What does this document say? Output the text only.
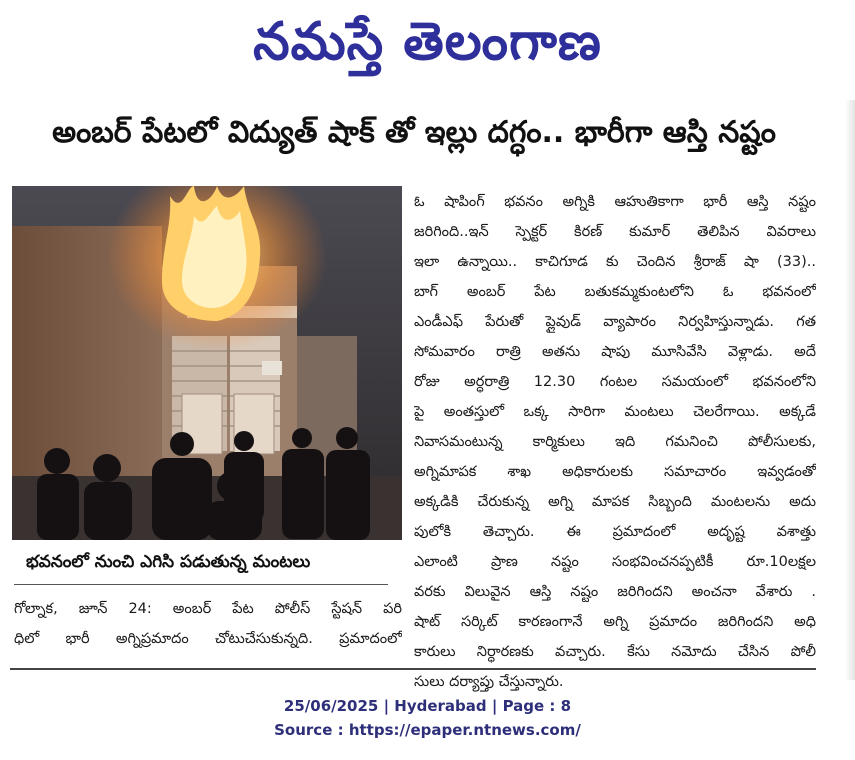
నమస్తే తెలంగాణ
అంబర్ పేటలో విద్యుత్ షాక్ తో ఇల్లు దగ్ధం.. భారీగా ఆస్తి నష్టం
భవనంలో నుంచి ఎగిసి పడుతున్న మంటలు
గోల్నాక, జూన్ 24: అంబర్ పేట పోలీస్ స్టేషన్ పరి
ధిలో భారీ అగ్నిప్రమాదం చోటుచేసుకున్నది. ప్రమాదంలో
ఓ షాపింగ్ భవనం అగ్నికి ఆహుతికాగా భారీ ఆస్తి నష్టం
జరిగింది..ఇన్ స్పెక్టర్ కిరణ్ కుమార్ తెలిపిన వివరాలు
ఇలా ఉన్నాయి.. కాచిగూడ కు చెందిన శ్రీరాజ్ షా (33)..
బాగ్ అంబర్ పేట బతుకమ్మకుంటలోని ఓ భవనంలో
ఎండీఎఫ్ పేరుతో ప్లైవుడ్ వ్యాపారం నిర్వహిస్తున్నాడు. గత
సోమవారం రాత్రి అతను షాపు మూసివేసి వెళ్లాడు. అదే
రోజు అర్ధరాత్రి 12.30 గంటల సమయంలో భవనంలోని
పై అంతస్తులో ఒక్క సారిగా మంటలు చెలరేగాయి. అక్కడే
నివాసమంటున్న కార్మికులు ఇది గమనించి పోలీసులకు,
అగ్నిమాపక శాఖ అధికారులకు సమాచారం ఇవ్వడంతో
అక్కడికి చేరుకున్న అగ్ని మాపక సిబ్బంది మంటలను అదు
పులోకి తెచ్చారు. ఈ ప్రమాదంలో అదృష్ట వశాత్తు
ఎలాంటి ప్రాణ నష్టం సంభవించనప్పటికీ రూ.10లక్షల
వరకు విలువైన ఆస్తి నష్టం జరిగిందని అంచనా వేశారు .
షాట్ సర్కిట్ కారణంగానే అగ్ని ప్రమాదం జరిగిందని అధి
కారులు నిర్ధారణకు వచ్చారు. కేసు నమోదు చేసిన పోలీ
సులు దర్యాప్తు చేస్తున్నారు.
25/06/2025 | Hyderabad | Page : 8
Source : https://epaper.ntnews.com/
